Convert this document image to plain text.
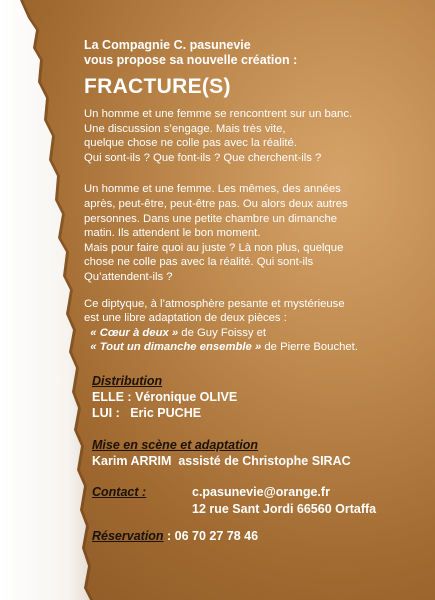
La Compagnie C. pasunevie
vous propose sa nouvelle création :
FRACTURE(S)

Un homme et une femme se rencontrent sur un banc.

Une discussion s’engage. Mais très vite,

quelque chose ne colle pas avec la réalité.

Qui sont-ils ? Que font-ils ? Que cherchent-ils ?

Un homme et une femme. Les mêmes, des années

après, peut-être, peut-être pas. Ou alors deux autres

personnes. Dans une petite chambre un dimanche

matin. Ils attendent le bon moment.

Mais pour faire quoi au juste ? Là non plus, quelque

chose ne colle pas avec la réalité. Qui sont-ils

Qu’attendent-ils ?

Ce diptyque, à l’atmosphère pesante et mystérieuse
est une libre adaptation de deux pièces :
« Cœur à deux » de Guy Foissy et
« Tout un dimanche ensemble » de Pierre Bouchet.
Distribution
ELLE : Véronique OLIVE
LUI :   Eric PUCHE
Mise en scène et adaptation
Karim ARRIM  assisté de Christophe SIRAC
Contact :	c.pasunevie@orange.fr
12 rue Sant Jordi 66560 Ortaffa
Réservation : 06 70 27 78 46
